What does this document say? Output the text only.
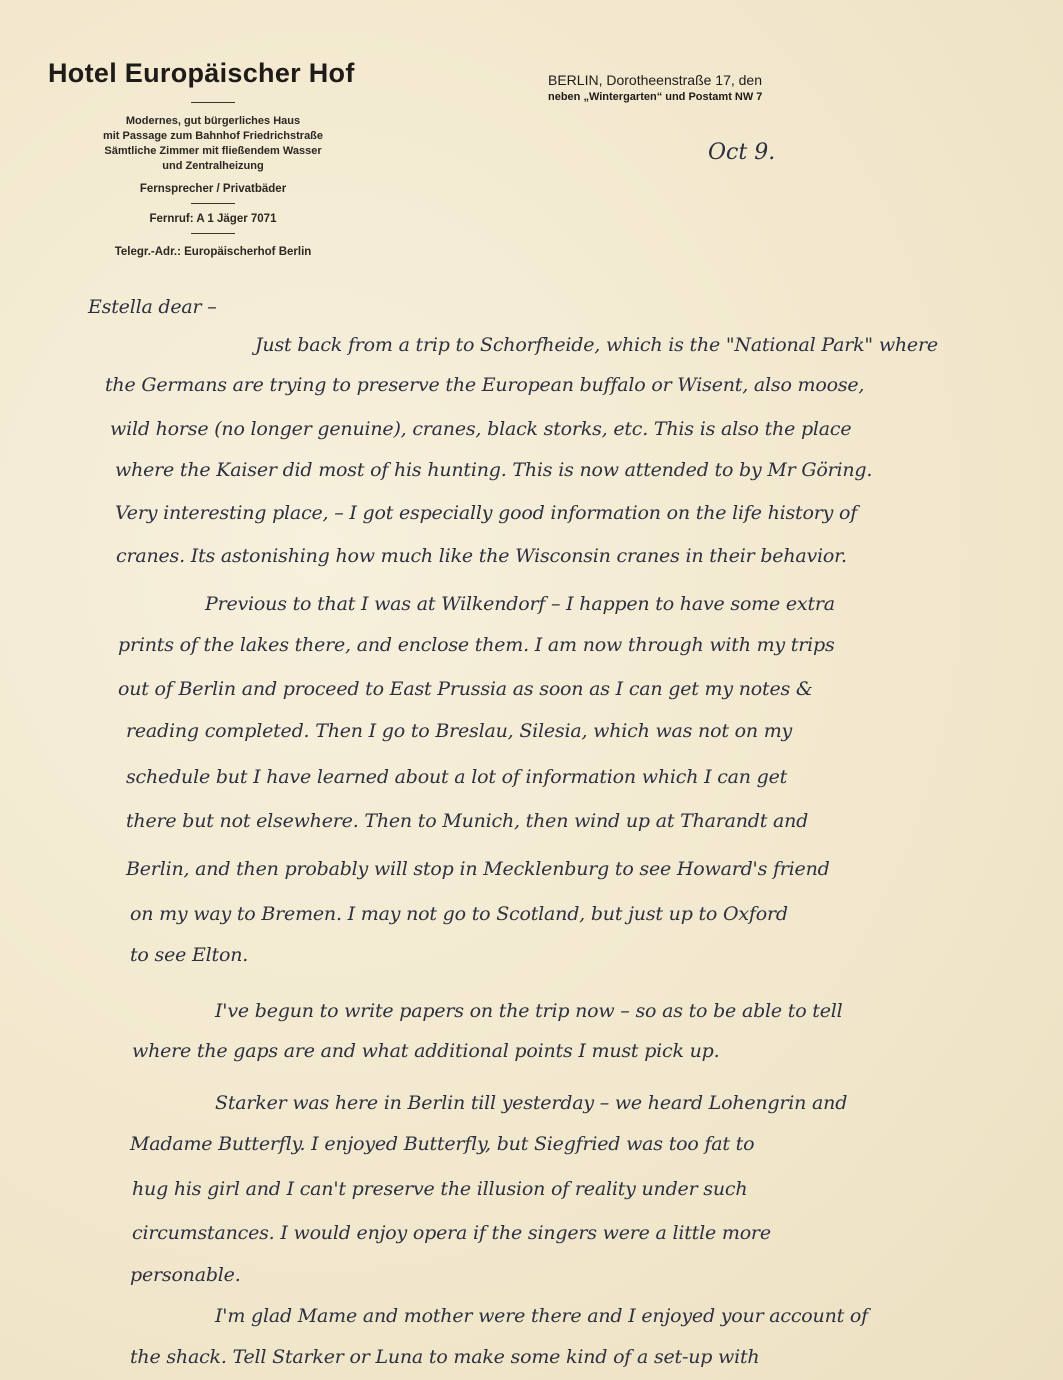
Hotel Europäischer Hof
Modernes, gut bürgerliches Haus
mit Passage zum Bahnhof Friedrichstraße
Sämtliche Zimmer mit fließendem Wasser
und Zentralheizung
Fernsprecher / Privatbäder
Fernruf: A 1 Jäger 7071
Telegr.-Adr.: Europäischerhof Berlin
BERLIN, Dorotheenstraße 17, den
neben „Wintergarten“ und Postamt NW 7
Oct 9.

Estella dear –

Just back from a trip to Schorfheide, which is the "National Park" where

the Germans are trying to preserve the European buffalo or Wisent, also moose,

wild horse (no longer genuine), cranes, black storks, etc. This is also the place

where the Kaiser did most of his hunting. This is now attended to by Mr Göring.

Very interesting place, – I got especially good information on the life history of

cranes. Its astonishing how much like the Wisconsin cranes in their behavior.

Previous to that I was at Wilkendorf – I happen to have some extra

prints of the lakes there, and enclose them. I am now through with my trips

out of Berlin and proceed to East Prussia as soon as I can get my notes &

reading completed. Then I go to Breslau, Silesia, which was not on my

schedule but I have learned about a lot of information which I can get

there but not elsewhere. Then to Munich, then wind up at Tharandt and

Berlin, and then probably will stop in Mecklenburg to see Howard's friend

on my way to Bremen. I may not go to Scotland, but just up to Oxford

to see Elton.

I've begun to write papers on the trip now – so as to be able to tell

where the gaps are and what additional points I must pick up.

Starker was here in Berlin till yesterday – we heard Lohengrin and

Madame Butterfly. I enjoyed Butterfly, but Siegfried was too fat to

hug his girl and I can't preserve the illusion of reality under such

circumstances. I would enjoy opera if the singers were a little more

personable.

I'm glad Mame and mother were there and I enjoyed your account of

the shack. Tell Starker or Luna to make some kind of a set-up with
